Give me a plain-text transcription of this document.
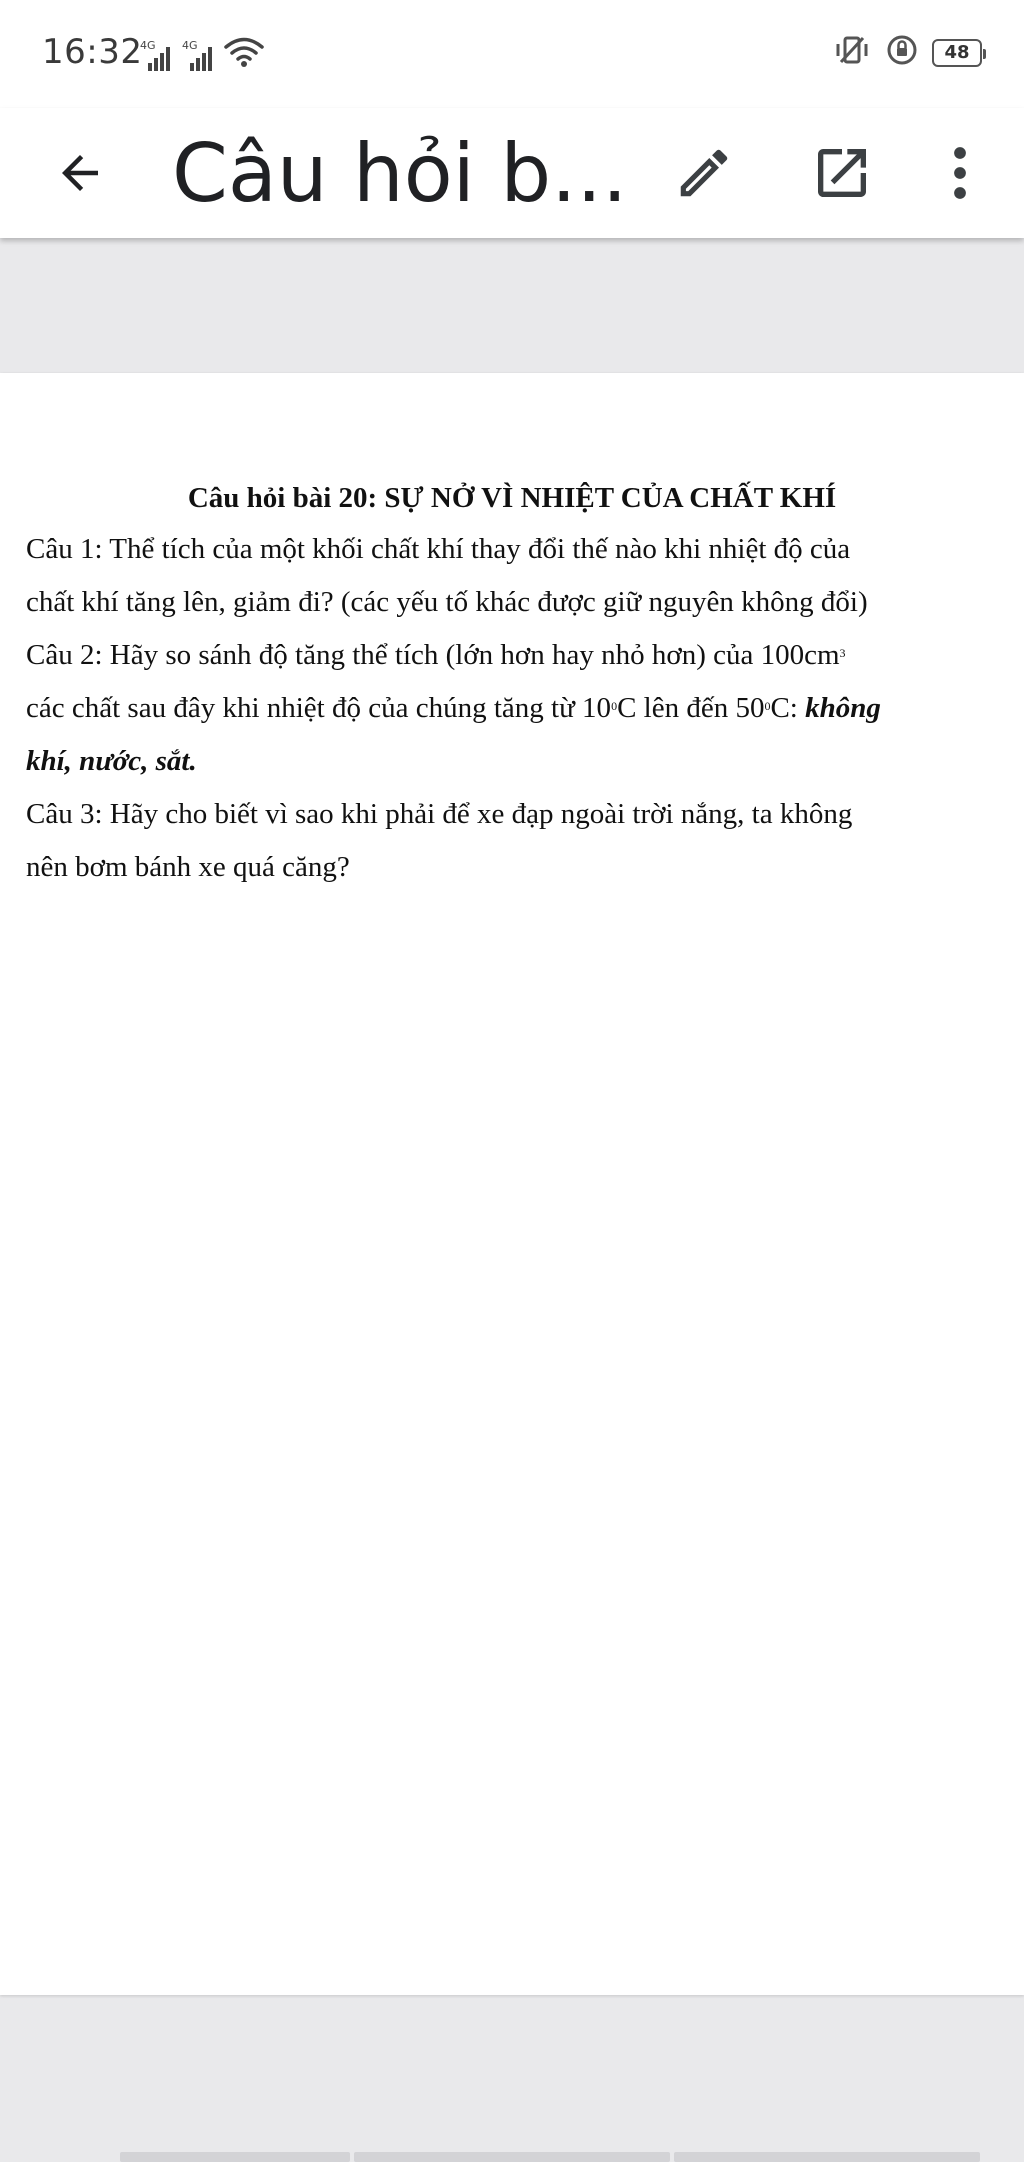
16:32
4G 4G	48
Câu hỏi b...

Câu hỏi bài 20: SỰ NỞ VÌ NHIỆT CỦA CHẤT KHÍ

Câu 1: Thể tích của một khối chất khí thay đổi thế nào khi nhiệt độ của

chất khí tăng lên, giảm đi? (các yếu tố khác được giữ nguyên không đổi)

Câu 2: Hãy so sánh độ tăng thể tích (lớn hơn hay nhỏ hơn) của $100cm^3$

các chất sau đây khi nhiệt độ của chúng tăng từ $10^0C$ lên đến $50^0C$: không

khí, nước, sắt.

Câu 3: Hãy cho biết vì sao khi phải để xe đạp ngoài trời nắng, ta không

nên bơm bánh xe quá căng?
